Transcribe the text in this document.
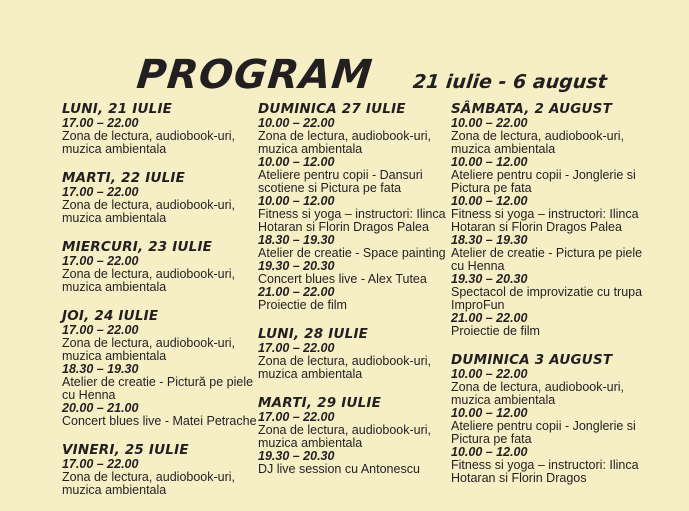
PROGRAM 21 iulie - 6 august
LUNI, 21 IULIE
17.00 – 22.00
Zona de lectura, audiobook-uri, muzica ambientala
MARTI, 22 IULIE
17.00 – 22.00
Zona de lectura, audiobook-uri, muzica ambientala
MIERCURI, 23 IULIE
17.00 – 22.00
Zona de lectura, audiobook-uri, muzica ambientala
JOI, 24 IULIE
17.00 – 22.00
Zona de lectura, audiobook-uri, muzica ambientala
18.30 – 19.30
Atelier de creatie - Pictură pe piele cu Henna
20.00 – 21.00
Concert blues live - Matei Petrache
VINERI, 25 IULIE
17.00 – 22.00
Zona de lectura, audiobook-uri, muzica ambientala
DUMINICA 27 IULIE
10.00 – 22.00
Zona de lectura, audiobook-uri, muzica ambientala
10.00 – 12.00
Ateliere pentru copii - Dansuri scotiene si Pictura pe fata
10.00 – 12.00
Fitness si yoga – instructori: Ilinca Hotaran si Florin Dragos Palea
18.30 – 19.30
Atelier de creatie - Space painting
19.30 – 20.30
Concert blues live - Alex Tutea
21.00 – 22.00
Proiectie de film
LUNI, 28 IULIE
17.00 – 22.00
Zona de lectura, audiobook-uri, muzica ambientala
MARTI, 29 IULIE
17.00 – 22.00
Zona de lectura, audiobook-uri, muzica ambientala
19.30 – 20.30
DJ live session cu Antonescu
SÂMBATA, 2 AUGUST
10.00 – 22.00
Zona de lectura, audiobook-uri, muzica ambientala
10.00 – 12.00
Ateliere pentru copii - Jonglerie si Pictura pe fata
10.00 – 12.00
Fitness si yoga – instructori: Ilinca Hotaran si Florin Dragos Palea
18.30 – 19.30
Atelier de creatie - Pictura pe piele cu Henna
19.30 – 20.30
Spectacol de improvizatie cu trupa ImproFun
21.00 – 22.00
Proiectie de film
DUMINICA 3 AUGUST
10.00 – 22.00
Zona de lectura, audiobook-uri, muzica ambientala
10.00 – 12.00
Ateliere pentru copii - Jonglerie si Pictura pe fata
10.00 – 12.00
Fitness si yoga – instructori: Ilinca Hotaran si Florin Dragos
